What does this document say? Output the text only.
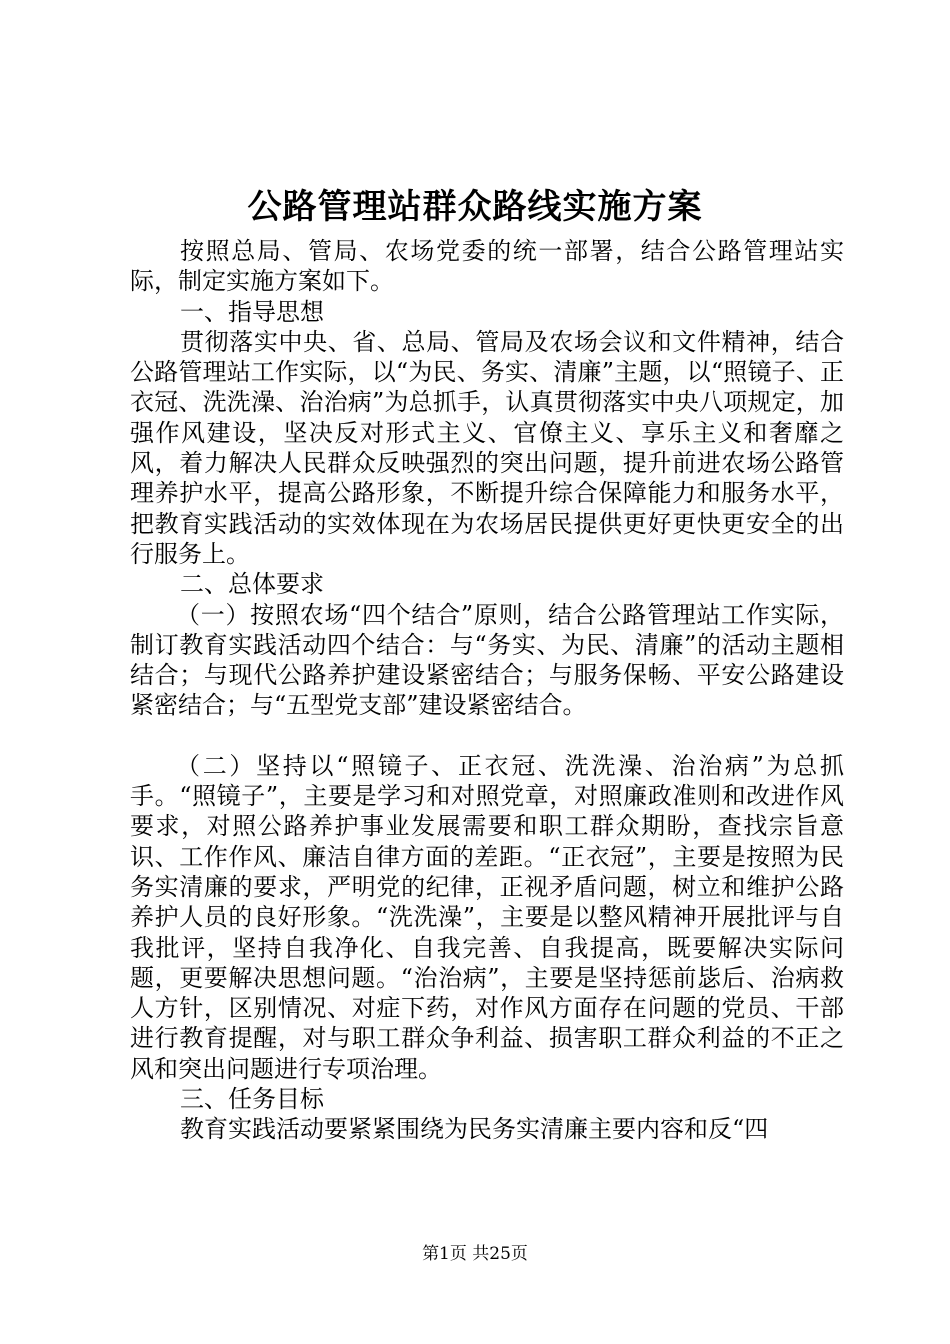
公路管理站群众路线实施方案

按照总局、管局、农场党委的统一部署，结合公路管理站实际，制定实施方案如下。

一、指导思想

贯彻落实中央、省、总局、管局及农场会议和文件精神，结合公路管理站工作实际，以“为民、务实、清廉”主题，以“照镜子、正衣冠、洗洗澡、治治病”为总抓手，认真贯彻落实中央八项规定，加强作风建设，坚决反对形式主义、官僚主义、享乐主义和奢靡之风，着力解决人民群众反映强烈的突出问题，提升前进农场公路管理养护水平，提高公路形象，不断提升综合保障能力和服务水平，把教育实践活动的实效体现在为农场居民提供更好更快更安全的出行服务上。

二、总体要求

（一）按照农场“四个结合”原则，结合公路管理站工作实际，制订教育实践活动四个结合：与“务实、为民、清廉”的活动主题相结合；与现代公路养护建设紧密结合；与服务保畅、平安公路建设紧密结合；与“五型党支部”建设紧密结合。

（二）坚持以“照镜子、正衣冠、洗洗澡、治治病”为总抓手。“照镜子”，主要是学习和对照党章，对照廉政准则和改进作风要求，对照公路养护事业发展需要和职工群众期盼，查找宗旨意识、工作作风、廉洁自律方面的差距。“正衣冠”，主要是按照为民务实清廉的要求，严明党的纪律，正视矛盾问题，树立和维护公路养护人员的良好形象。“洗洗澡”，主要是以整风精神开展批评与自我批评，坚持自我净化、自我完善、自我提高，既要解决实际问题，更要解决思想问题。“治治病”，主要是坚持惩前毖后、治病救人方针，区别情况、对症下药，对作风方面存在问题的党员、干部进行教育提醒，对与职工群众争利益、损害职工群众利益的不正之风和突出问题进行专项治理。

三、任务目标

教育实践活动要紧紧围绕为民务实清廉主要内容和反“四

第1页 共25页
